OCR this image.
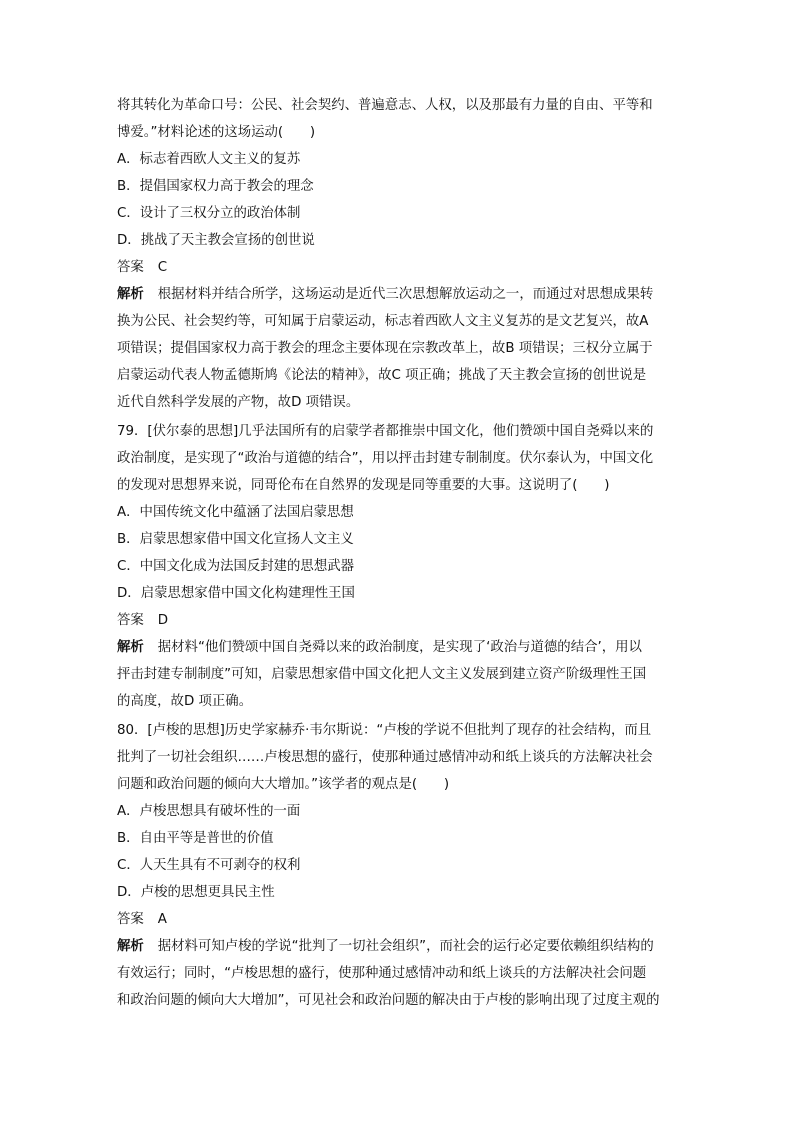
将其转化为革命口号：公民、社会契约、普遍意志、人权，以及那最有力量的自由、平等和
博爱。”材料论述的这场运动(　　)
A．标志着西欧人文主义的复苏
B．提倡国家权力高于教会的理念
C．设计了三权分立的政治体制
D．挑战了天主教会宣扬的创世说
答案 C
解析 根据材料并结合所学，这场运动是近代三次思想解放运动之一，而通过对思想成果转
换为公民、社会契约等，可知属于启蒙运动，标志着西欧人文主义复苏的是文艺复兴，故A
项错误；提倡国家权力高于教会的理念主要体现在宗教改革上，故B 项错误；三权分立属于
启蒙运动代表人物孟德斯鸠《论法的精神》，故C 项正确；挑战了天主教会宣扬的创世说是
近代自然科学发展的产物，故D 项错误。
79．[伏尔泰的思想]几乎法国所有的启蒙学者都推崇中国文化，他们赞颂中国自尧舜以来的
政治制度，是实现了“政治与道德的结合”，用以抨击封建专制制度。伏尔泰认为，中国文化
的发现对思想界来说，同哥伦布在自然界的发现是同等重要的大事。这说明了(　　)
A．中国传统文化中蕴涵了法国启蒙思想
B．启蒙思想家借中国文化宣扬人文主义
C．中国文化成为法国反封建的思想武器
D．启蒙思想家借中国文化构建理性王国
答案 D
解析 据材料“他们赞颂中国自尧舜以来的政治制度，是实现了‘政治与道德的结合’，用以
抨击封建专制制度”可知，启蒙思想家借中国文化把人文主义发展到建立资产阶级理性王国
的高度，故D 项正确。
80．[卢梭的思想]历史学家赫乔·韦尔斯说：“卢梭的学说不但批判了现存的社会结构，而且
批判了一切社会组织……卢梭思想的盛行，使那种通过感情冲动和纸上谈兵的方法解决社会
问题和政治问题的倾向大大增加。”该学者的观点是(　　)
A．卢梭思想具有破坏性的一面
B．自由平等是普世的价值
C．人天生具有不可剥夺的权利
D．卢梭的思想更具民主性
答案 A
解析 据材料可知卢梭的学说“批判了一切社会组织”，而社会的运行必定要依赖组织结构的
有效运行；同时，“卢梭思想的盛行，使那种通过感情冲动和纸上谈兵的方法解决社会问题
和政治问题的倾向大大增加”，可见社会和政治问题的解决由于卢梭的影响出现了过度主观的
